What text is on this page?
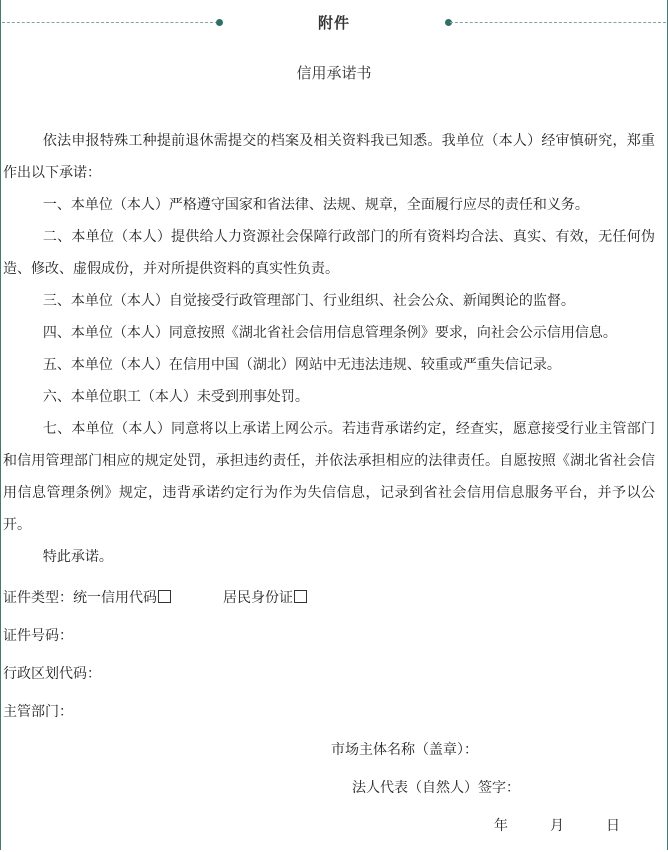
附件
信用承诺书

依法申报特殊工种提前退休需提交的档案及相关资料我已知悉。我单位（本人）经审慎研究，郑重作出以下承诺：

一、本单位（本人）严格遵守国家和省法律、法规、规章，全面履行应尽的责任和义务。

二、本单位（本人）提供给人力资源社会保障行政部门的所有资料均合法、真实、有效，无任何伪造、修改、虚假成份，并对所提供资料的真实性负责。

三、本单位（本人）自觉接受行政管理部门、行业组织、社会公众、新闻舆论的监督。

四、本单位（本人）同意按照《湖北省社会信用信息管理条例》要求，向社会公示信用信息。

五、本单位（本人）在信用中国（湖北）网站中无违法违规、较重或严重失信记录。

六、本单位职工（本人）未受到刑事处罚。

七、本单位（本人）同意将以上承诺上网公示。若违背承诺约定，经查实，愿意接受行业主管部门和信用管理部门相应的规定处罚，承担违约责任，并依法承担相应的法律责任。自愿按照《湖北省社会信用信息管理条例》规定，违背承诺约定行为作为失信信息，记录到省社会信用信息服务平台，并予以公开。

特此承诺。

证件类型：统一信用代码	居民身份证
证件号码：
行政区划代码：
主管部门：
市场主体名称（盖章）：
法人代表（自然人）签字：
年	月	日
